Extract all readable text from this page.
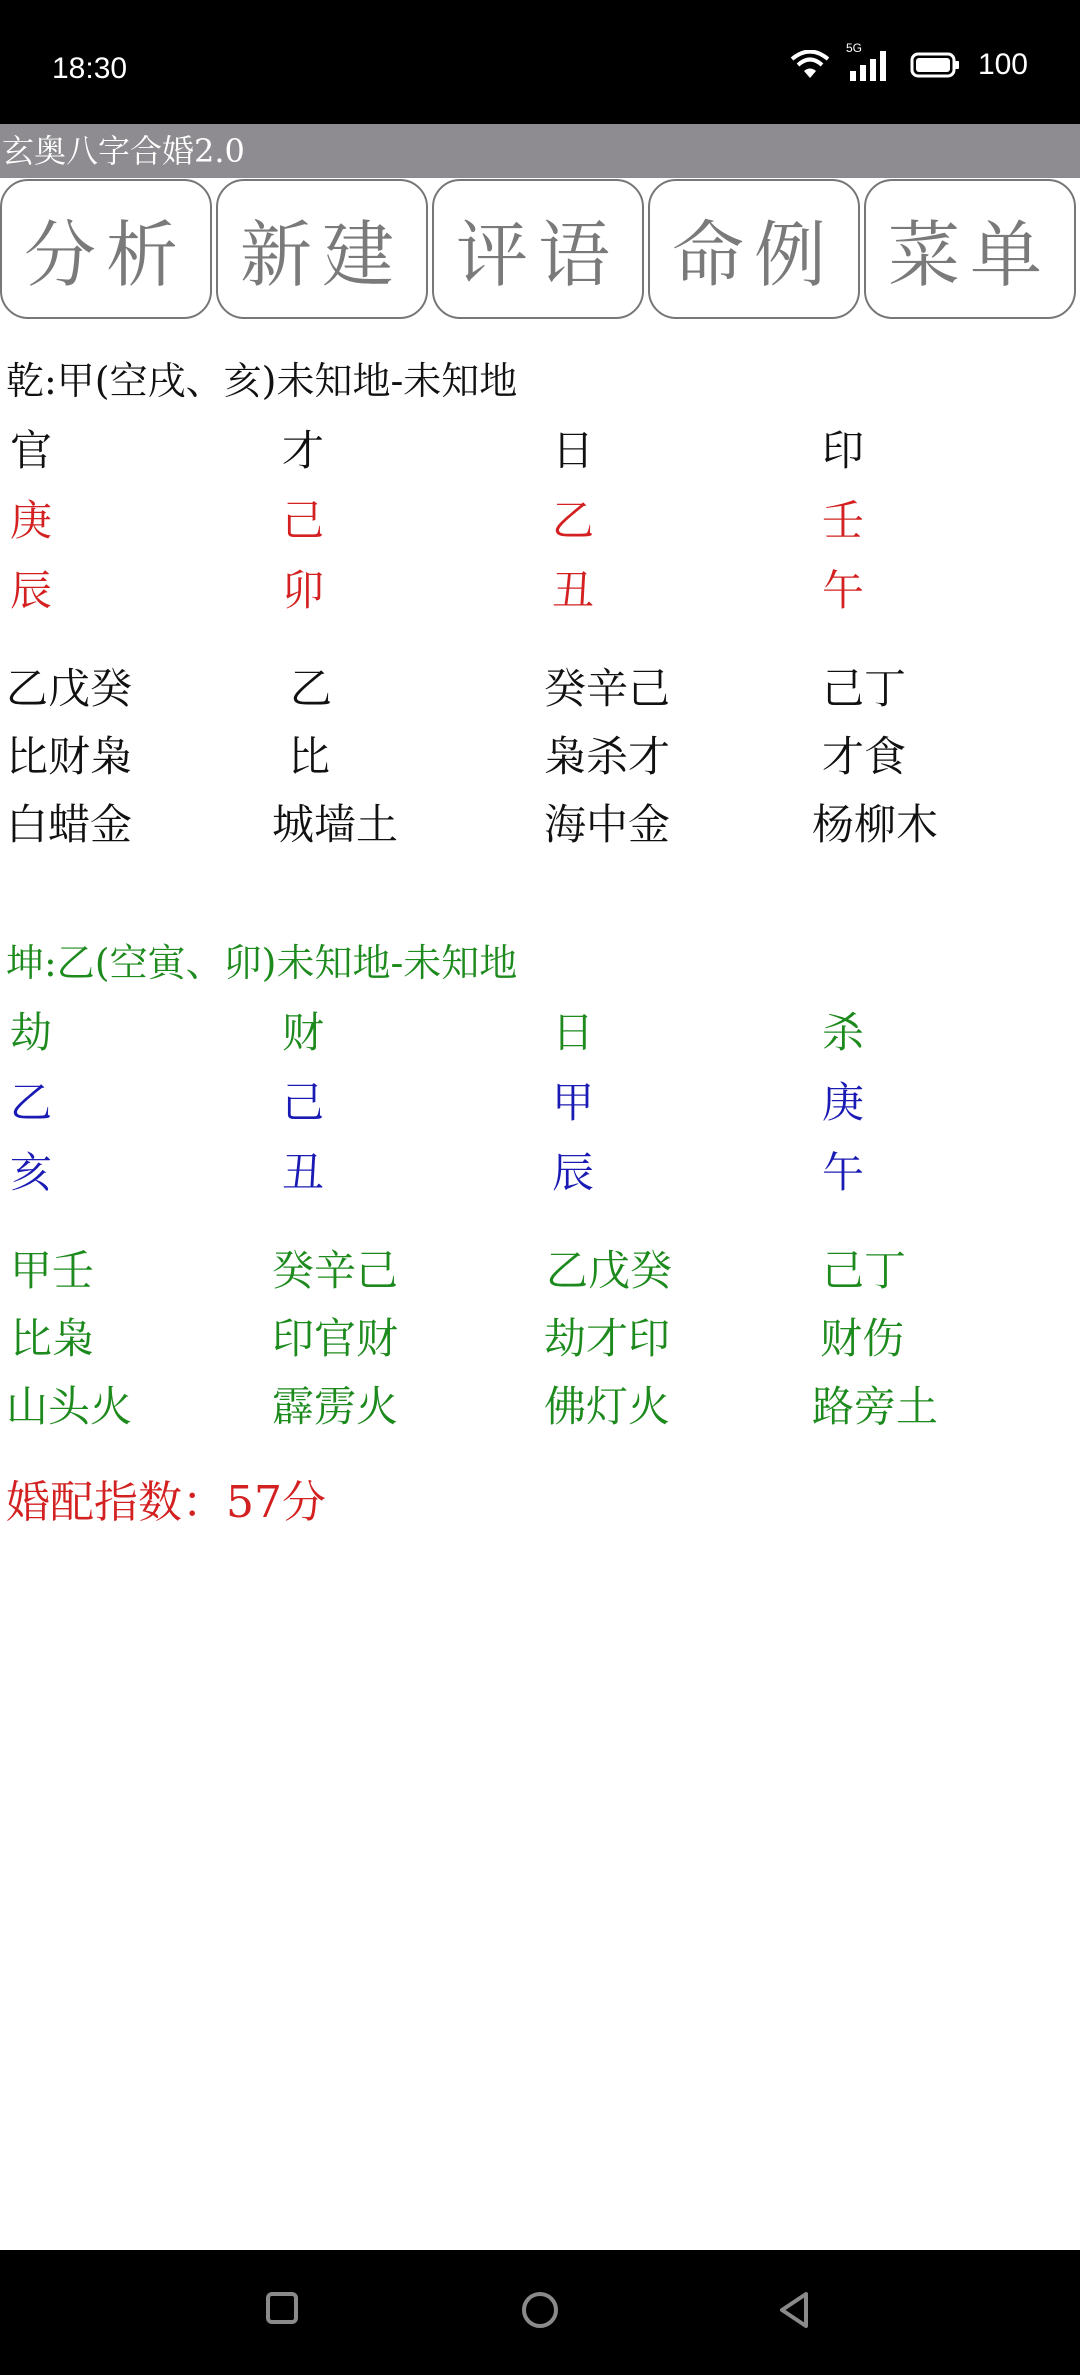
18:30
5G	100
玄奥八字合婚2.0
分析 新建 评语 命例 菜单
乾:甲(空戌、亥)未知地-未知地
官	才	日	印
庚	己	乙	壬
辰	卯	丑	午
乙戊癸	乙	癸辛己	己丁
比财枭	比	枭杀才	才食
白蜡金	城墙土	海中金	杨柳木
坤:乙(空寅、卯)未知地-未知地
劫	财	日	杀
乙	己	甲	庚
亥	丑	辰	午
甲壬	癸辛己	乙戊癸	己丁
比枭	印官财	劫才印	财伤
山头火	霹雳火	佛灯火	路旁土
婚配指数：57分
